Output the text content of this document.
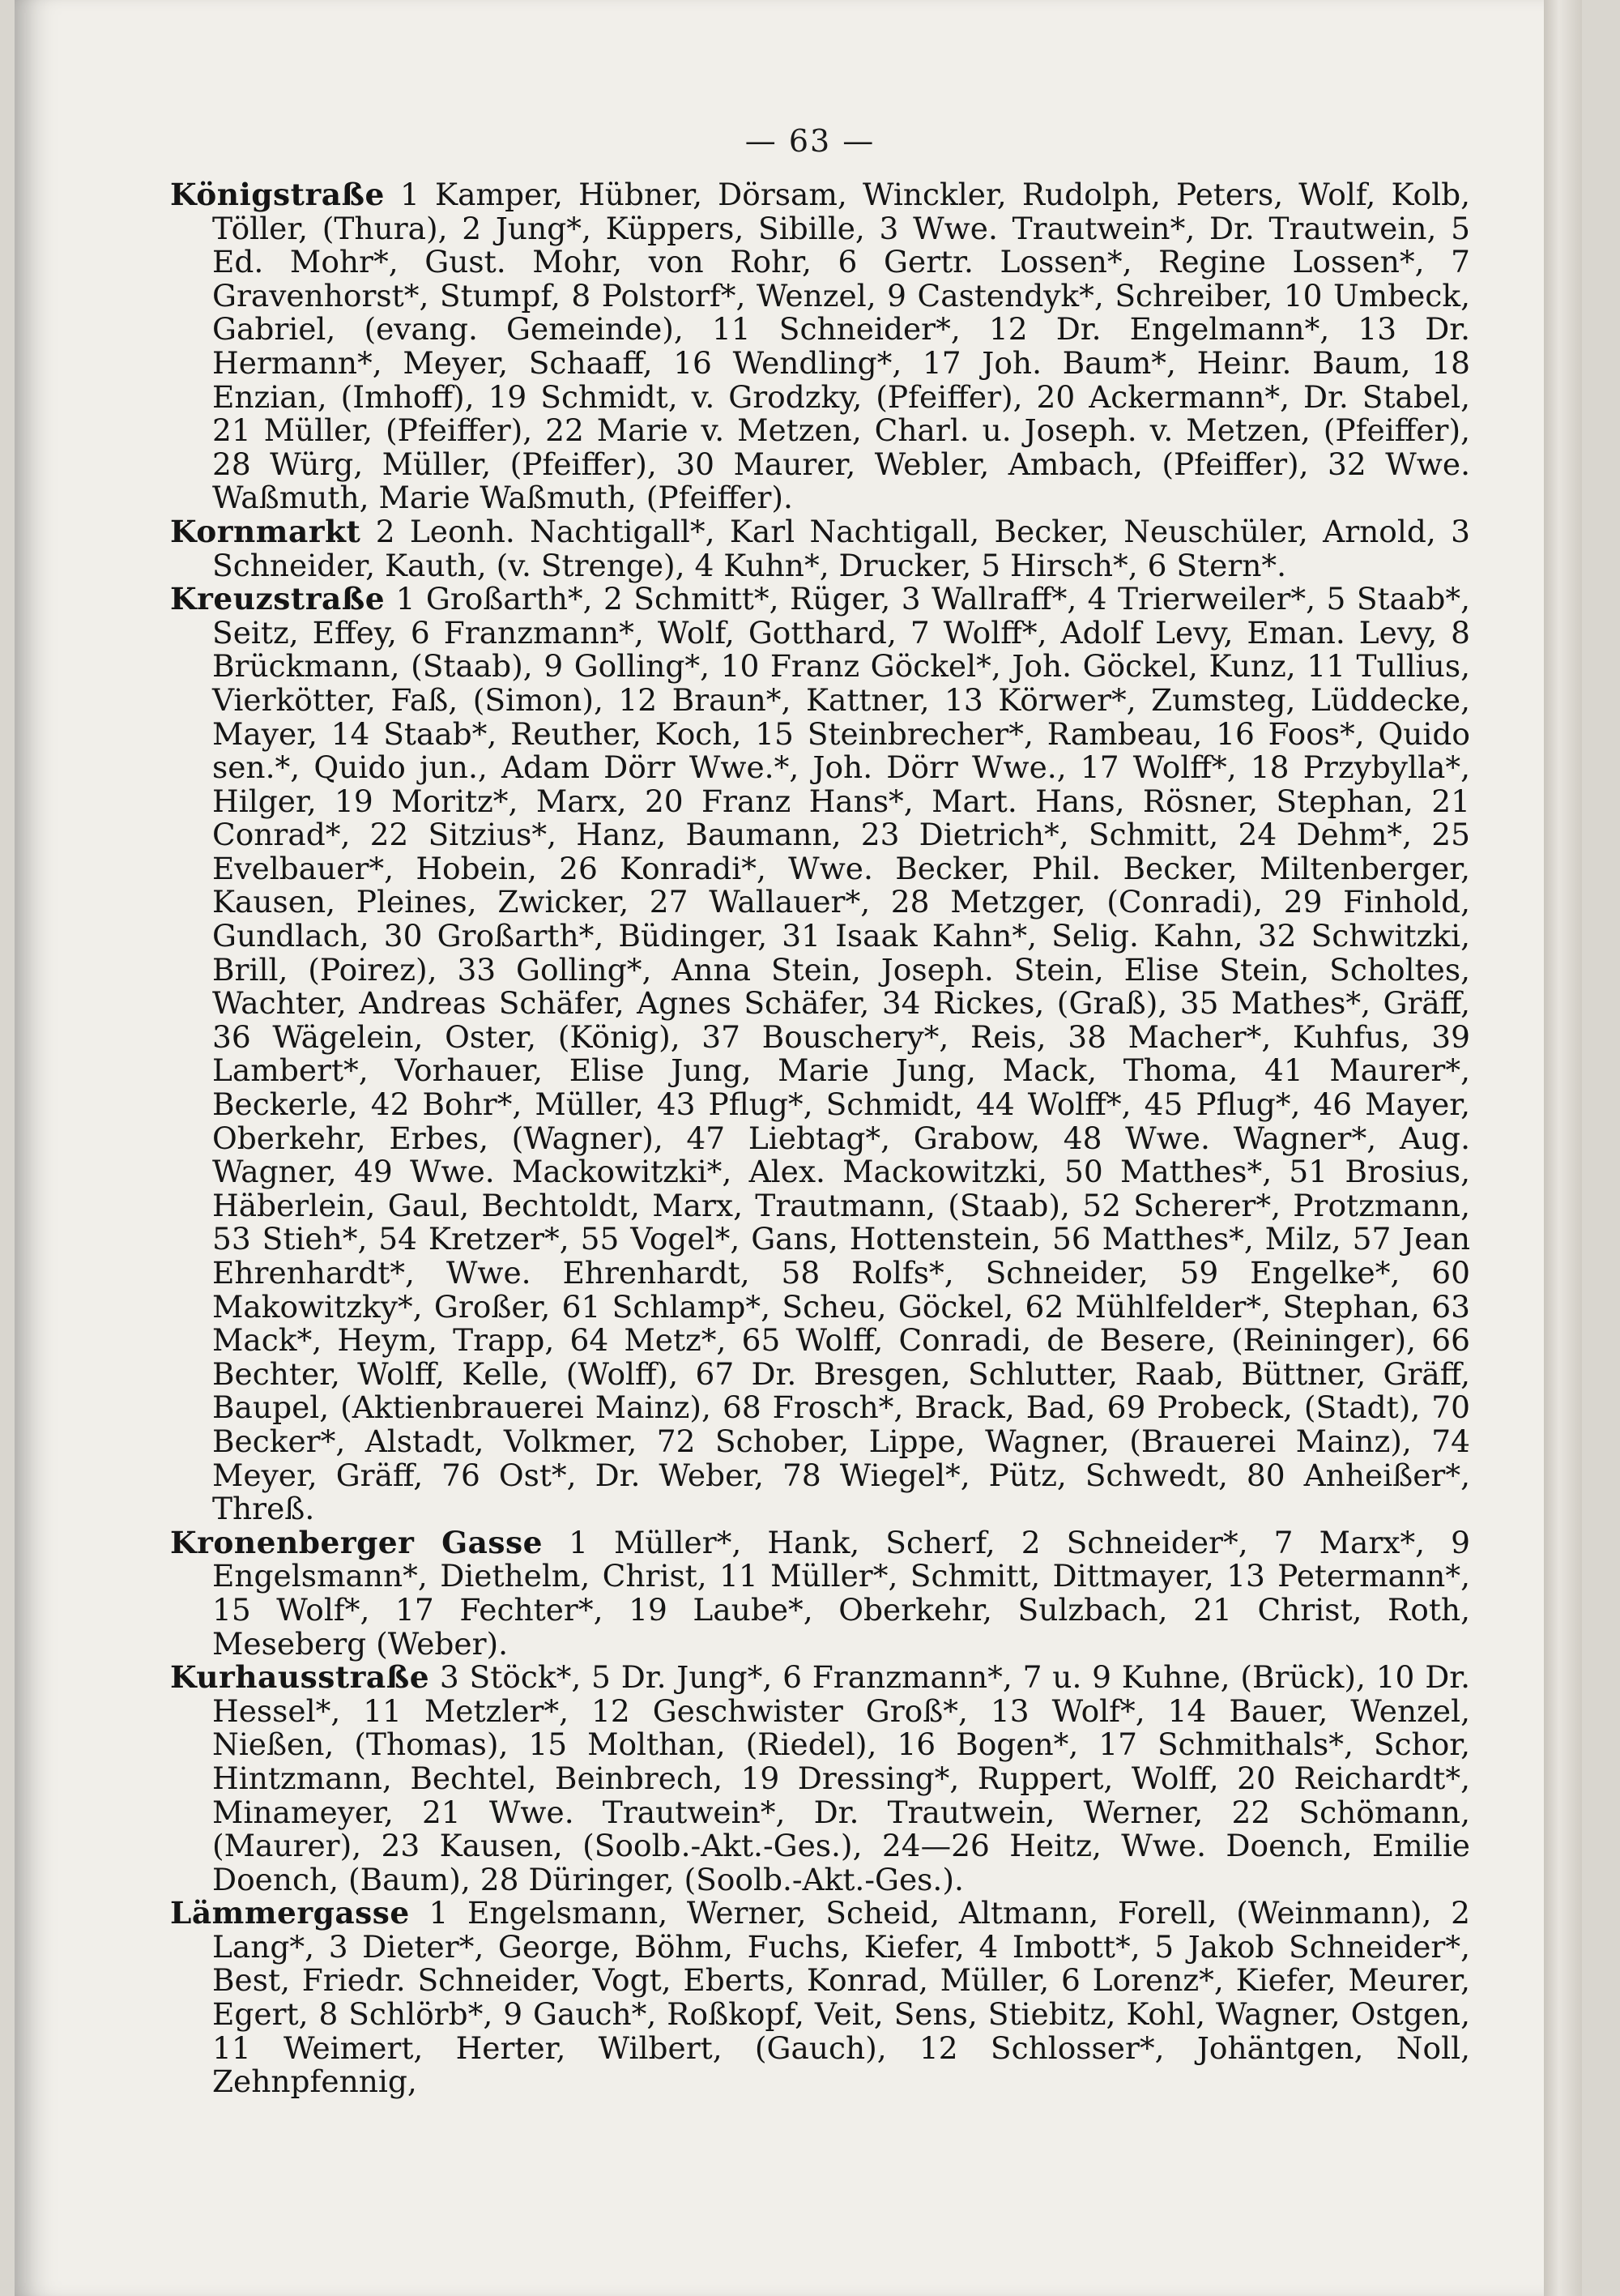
— 63 —

Königstraße 1 Kamper, Hübner, Dörsam, Winckler, Rudolph, Peters, Wolf, Kolb, Töller, (Thura), 2 Jung*, Küppers, Sibille, 3 Wwe. Trautwein*, Dr. Trautwein, 5 Ed. Mohr*, Gust. Mohr, von Rohr, 6 Gertr. Lossen*, Regine Lossen*, 7 Gravenhorst*, Stumpf, 8 Polstorf*, Wenzel, 9 Castendyk*, Schreiber, 10 Umbeck, Gabriel, (evang. Gemeinde), 11 Schneider*, 12 Dr. Engelmann*, 13 Dr. Hermann*, Meyer, Schaaff, 16 Wendling*, 17 Joh. Baum*, Heinr. Baum, 18 Enzian, (Imhoff), 19 Schmidt, v. Grodzky, (Pfeiffer), 20 Ackermann*, Dr. Stabel, 21 Müller, (Pfeiffer), 22 Marie v. Metzen, Charl. u. Joseph. v. Metzen, (Pfeiffer), 28 Würg, Müller, (Pfeiffer), 30 Maurer, Webler, Ambach, (Pfeiffer), 32 Wwe. Waßmuth, Marie Waßmuth, (Pfeiffer).

Kornmarkt 2 Leonh. Nachtigall*, Karl Nachtigall, Becker, Neuschüler, Arnold, 3 Schneider, Kauth, (v. Strenge), 4 Kuhn*, Drucker, 5 Hirsch*, 6 Stern*.

Kreuzstraße 1 Großarth*, 2 Schmitt*, Rüger, 3 Wallraff*, 4 Trierweiler*, 5 Staab*, Seitz, Effey, 6 Franzmann*, Wolf, Gotthard, 7 Wolff*, Adolf Levy, Eman. Levy, 8 Brückmann, (Staab), 9 Golling*, 10 Franz Göckel*, Joh. Göckel, Kunz, 11 Tullius, Vierkötter, Faß, (Simon), 12 Braun*, Kattner, 13 Körwer*, Zumsteg, Lüddecke, Mayer, 14 Staab*, Reuther, Koch, 15 Steinbrecher*, Rambeau, 16 Foos*, Quido sen.*, Quido jun., Adam Dörr Wwe.*, Joh. Dörr Wwe., 17 Wolff*, 18 Przybylla*, Hilger, 19 Moritz*, Marx, 20 Franz Hans*, Mart. Hans, Rösner, Stephan, 21 Conrad*, 22 Sitzius*, Hanz, Baumann, 23 Dietrich*, Schmitt, 24 Dehm*, 25 Evelbauer*, Hobein, 26 Konradi*, Wwe. Becker, Phil. Becker, Miltenberger, Kausen, Pleines, Zwicker, 27 Wallauer*, 28 Metzger, (Conradi), 29 Finhold, Gundlach, 30 Großarth*, Büdinger, 31 Isaak Kahn*, Selig. Kahn, 32 Schwitzki, Brill, (Poirez), 33 Golling*, Anna Stein, Joseph. Stein, Elise Stein, Scholtes, Wachter, Andreas Schäfer, Agnes Schäfer, 34 Rickes, (Graß), 35 Mathes*, Gräff, 36 Wägelein, Oster, (König), 37 Bouschery*, Reis, 38 Macher*, Kuhfus, 39 Lambert*, Vorhauer, Elise Jung, Marie Jung, Mack, Thoma, 41 Maurer*, Beckerle, 42 Bohr*, Müller, 43 Pflug*, Schmidt, 44 Wolff*, 45 Pflug*, 46 Mayer, Oberkehr, Erbes, (Wagner), 47 Liebtag*, Grabow, 48 Wwe. Wagner*, Aug. Wagner, 49 Wwe. Mackowitzki*, Alex. Mackowitzki, 50 Matthes*, 51 Brosius, Häberlein, Gaul, Bechtoldt, Marx, Trautmann, (Staab), 52 Scherer*, Protzmann, 53 Stieh*, 54 Kretzer*, 55 Vogel*, Gans, Hottenstein, 56 Matthes*, Milz, 57 Jean Ehrenhardt*, Wwe. Ehrenhardt, 58 Rolfs*, Schneider, 59 Engelke*, 60 Makowitzky*, Großer, 61 Schlamp*, Scheu, Göckel, 62 Mühlfelder*, Stephan, 63 Mack*, Heym, Trapp, 64 Metz*, 65 Wolff, Conradi, de Besere, (Reininger), 66 Bechter, Wolff, Kelle, (Wolff), 67 Dr. Bresgen, Schlutter, Raab, Büttner, Gräff, Baupel, (Aktienbrauerei Mainz), 68 Frosch*, Brack, Bad, 69 Probeck, (Stadt), 70 Becker*, Alstadt, Volkmer, 72 Schober, Lippe, Wagner, (Brauerei Mainz), 74 Meyer, Gräff, 76 Ost*, Dr. Weber, 78 Wiegel*, Pütz, Schwedt, 80 Anheißer*, Threß.

Kronenberger Gasse 1 Müller*, Hank, Scherf, 2 Schneider*, 7 Marx*, 9 Engelsmann*, Diethelm, Christ, 11 Müller*, Schmitt, Dittmayer, 13 Petermann*, 15 Wolf*, 17 Fechter*, 19 Laube*, Oberkehr, Sulzbach, 21 Christ, Roth, Meseberg (Weber).

Kurhausstraße 3 Stöck*, 5 Dr. Jung*, 6 Franzmann*, 7 u. 9 Kuhne, (Brück), 10 Dr. Hessel*, 11 Metzler*, 12 Geschwister Groß*, 13 Wolf*, 14 Bauer, Wenzel, Nießen, (Thomas), 15 Molthan, (Riedel), 16 Bogen*, 17 Schmithals*, Schor, Hintzmann, Bechtel, Beinbrech, 19 Dressing*, Ruppert, Wolff, 20 Reichardt*, Minameyer, 21 Wwe. Trautwein*, Dr. Trautwein, Werner, 22 Schömann, (Maurer), 23 Kausen, (Soolb.-Akt.-Ges.), 24—26 Heitz, Wwe. Doench, Emilie Doench, (Baum), 28 Düringer, (Soolb.-Akt.-Ges.).

Lämmergasse 1 Engelsmann, Werner, Scheid, Altmann, Forell, (Weinmann), 2 Lang*, 3 Dieter*, George, Böhm, Fuchs, Kiefer, 4 Imbott*, 5 Jakob Schneider*, Best, Friedr. Schneider, Vogt, Eberts, Konrad, Müller, 6 Lorenz*, Kiefer, Meurer, Egert, 8 Schlörb*, 9 Gauch*, Roßkopf, Veit, Sens, Stiebitz, Kohl, Wagner, Ostgen, 11 Weimert, Herter, Wilbert, (Gauch), 12 Schlosser*, Johäntgen, Noll, Zehnpfennig,
